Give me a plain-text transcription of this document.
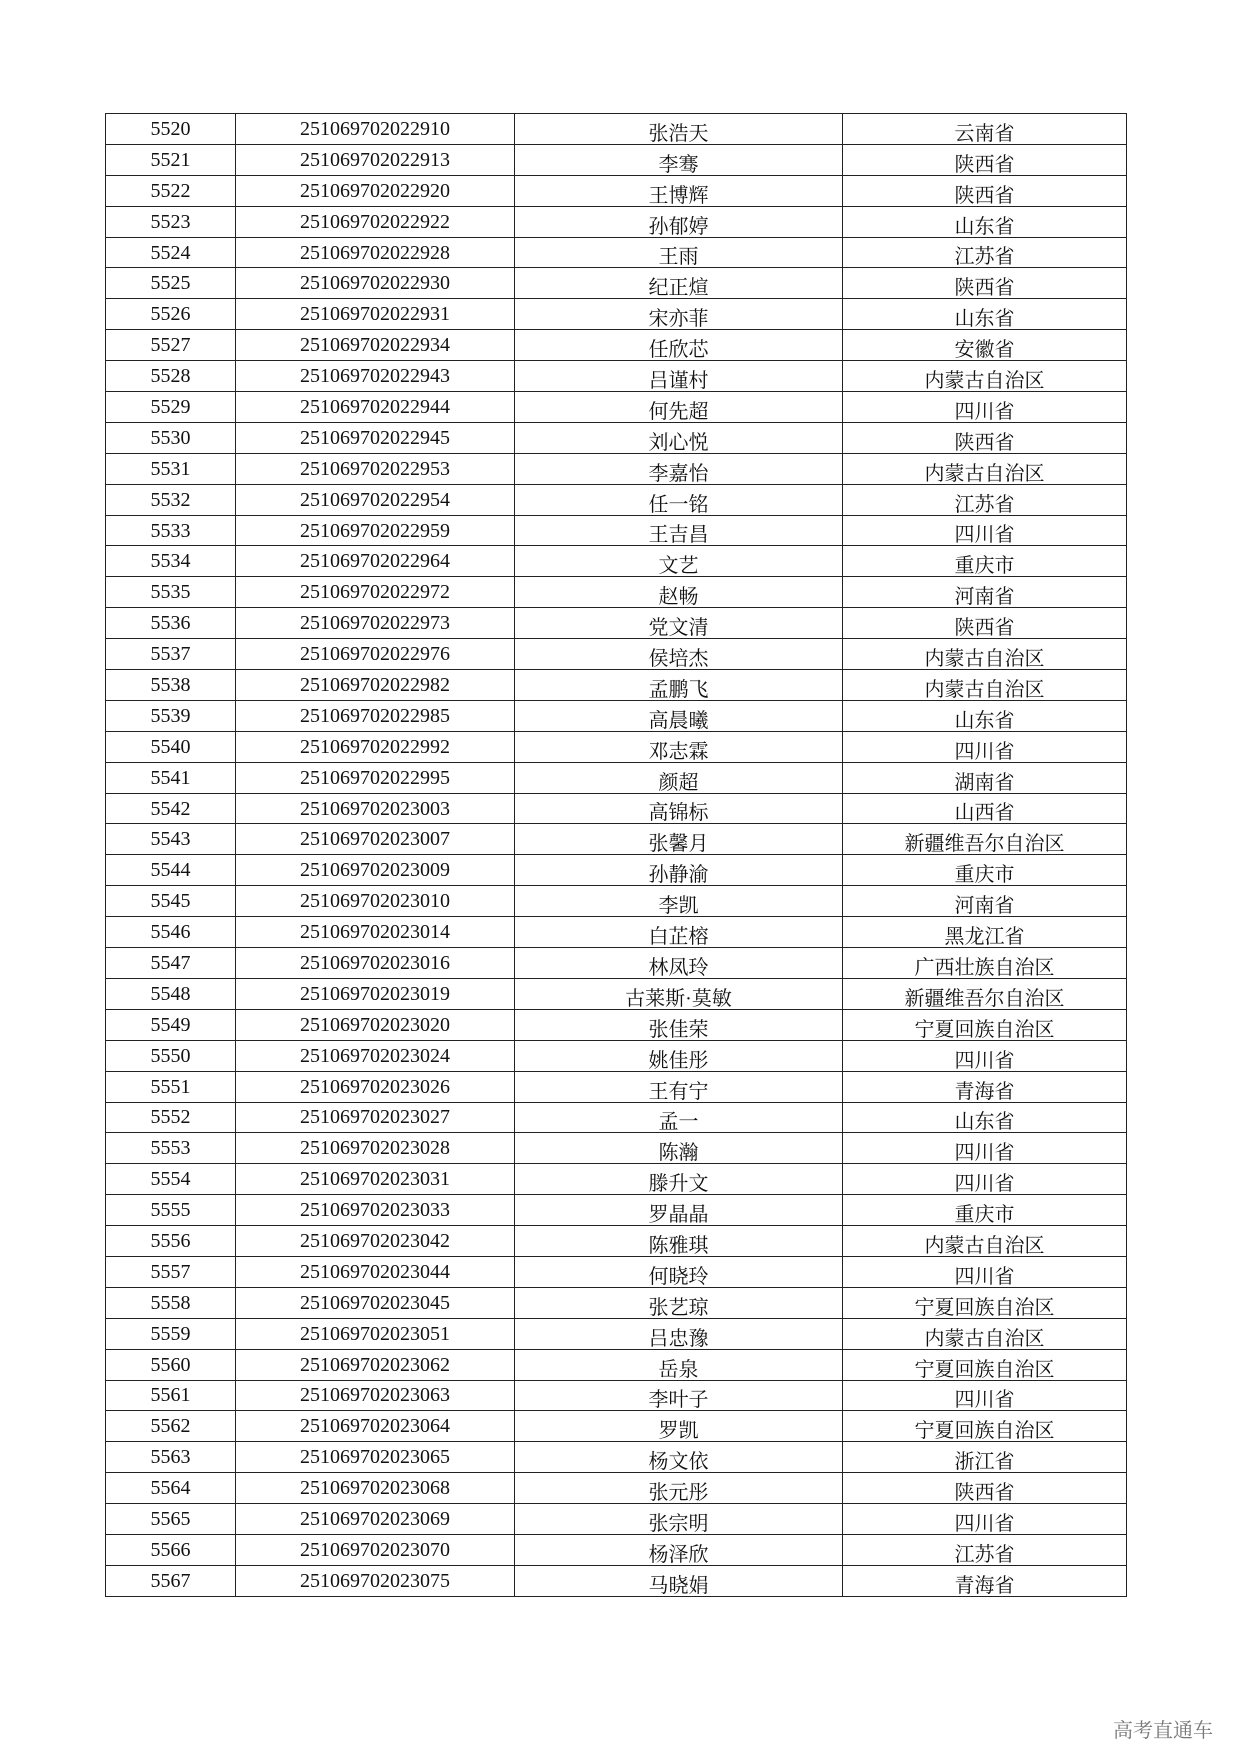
5520	251069702022910	张浩天	云南省
5521	251069702022913	李骞	陕西省
5522	251069702022920	王博辉	陕西省
5523	251069702022922	孙郁婷	山东省
5524	251069702022928	王雨	江苏省
5525	251069702022930	纪正煊	陕西省
5526	251069702022931	宋亦菲	山东省
5527	251069702022934	任欣芯	安徽省
5528	251069702022943	吕谨村	内蒙古自治区
5529	251069702022944	何先超	四川省
5530	251069702022945	刘心悦	陕西省
5531	251069702022953	李嘉怡	内蒙古自治区
5532	251069702022954	任一铭	江苏省
5533	251069702022959	王吉昌	四川省
5534	251069702022964	文艺	重庆市
5535	251069702022972	赵畅	河南省
5536	251069702022973	党文清	陕西省
5537	251069702022976	侯培杰	内蒙古自治区
5538	251069702022982	孟鹏飞	内蒙古自治区
5539	251069702022985	高晨曦	山东省
5540	251069702022992	邓志霖	四川省
5541	251069702022995	颜超	湖南省
5542	251069702023003	高锦标	山西省
5543	251069702023007	张馨月	新疆维吾尔自治区
5544	251069702023009	孙静渝	重庆市
5545	251069702023010	李凯	河南省
5546	251069702023014	白芷榕	黑龙江省
5547	251069702023016	林凤玲	广西壮族自治区
5548	251069702023019	古莱斯·莫敏	新疆维吾尔自治区
5549	251069702023020	张佳荣	宁夏回族自治区
5550	251069702023024	姚佳彤	四川省
5551	251069702023026	王有宁	青海省
5552	251069702023027	孟一	山东省
5553	251069702023028	陈瀚	四川省
5554	251069702023031	滕升文	四川省
5555	251069702023033	罗晶晶	重庆市
5556	251069702023042	陈雅琪	内蒙古自治区
5557	251069702023044	何晓玲	四川省
5558	251069702023045	张艺琼	宁夏回族自治区
5559	251069702023051	吕忠豫	内蒙古自治区
5560	251069702023062	岳泉	宁夏回族自治区
5561	251069702023063	李叶子	四川省
5562	251069702023064	罗凯	宁夏回族自治区
5563	251069702023065	杨文依	浙江省
5564	251069702023068	张元彤	陕西省
5565	251069702023069	张宗明	四川省
5566	251069702023070	杨泽欣	江苏省
5567	251069702023075	马晓娟	青海省
高考直通车
